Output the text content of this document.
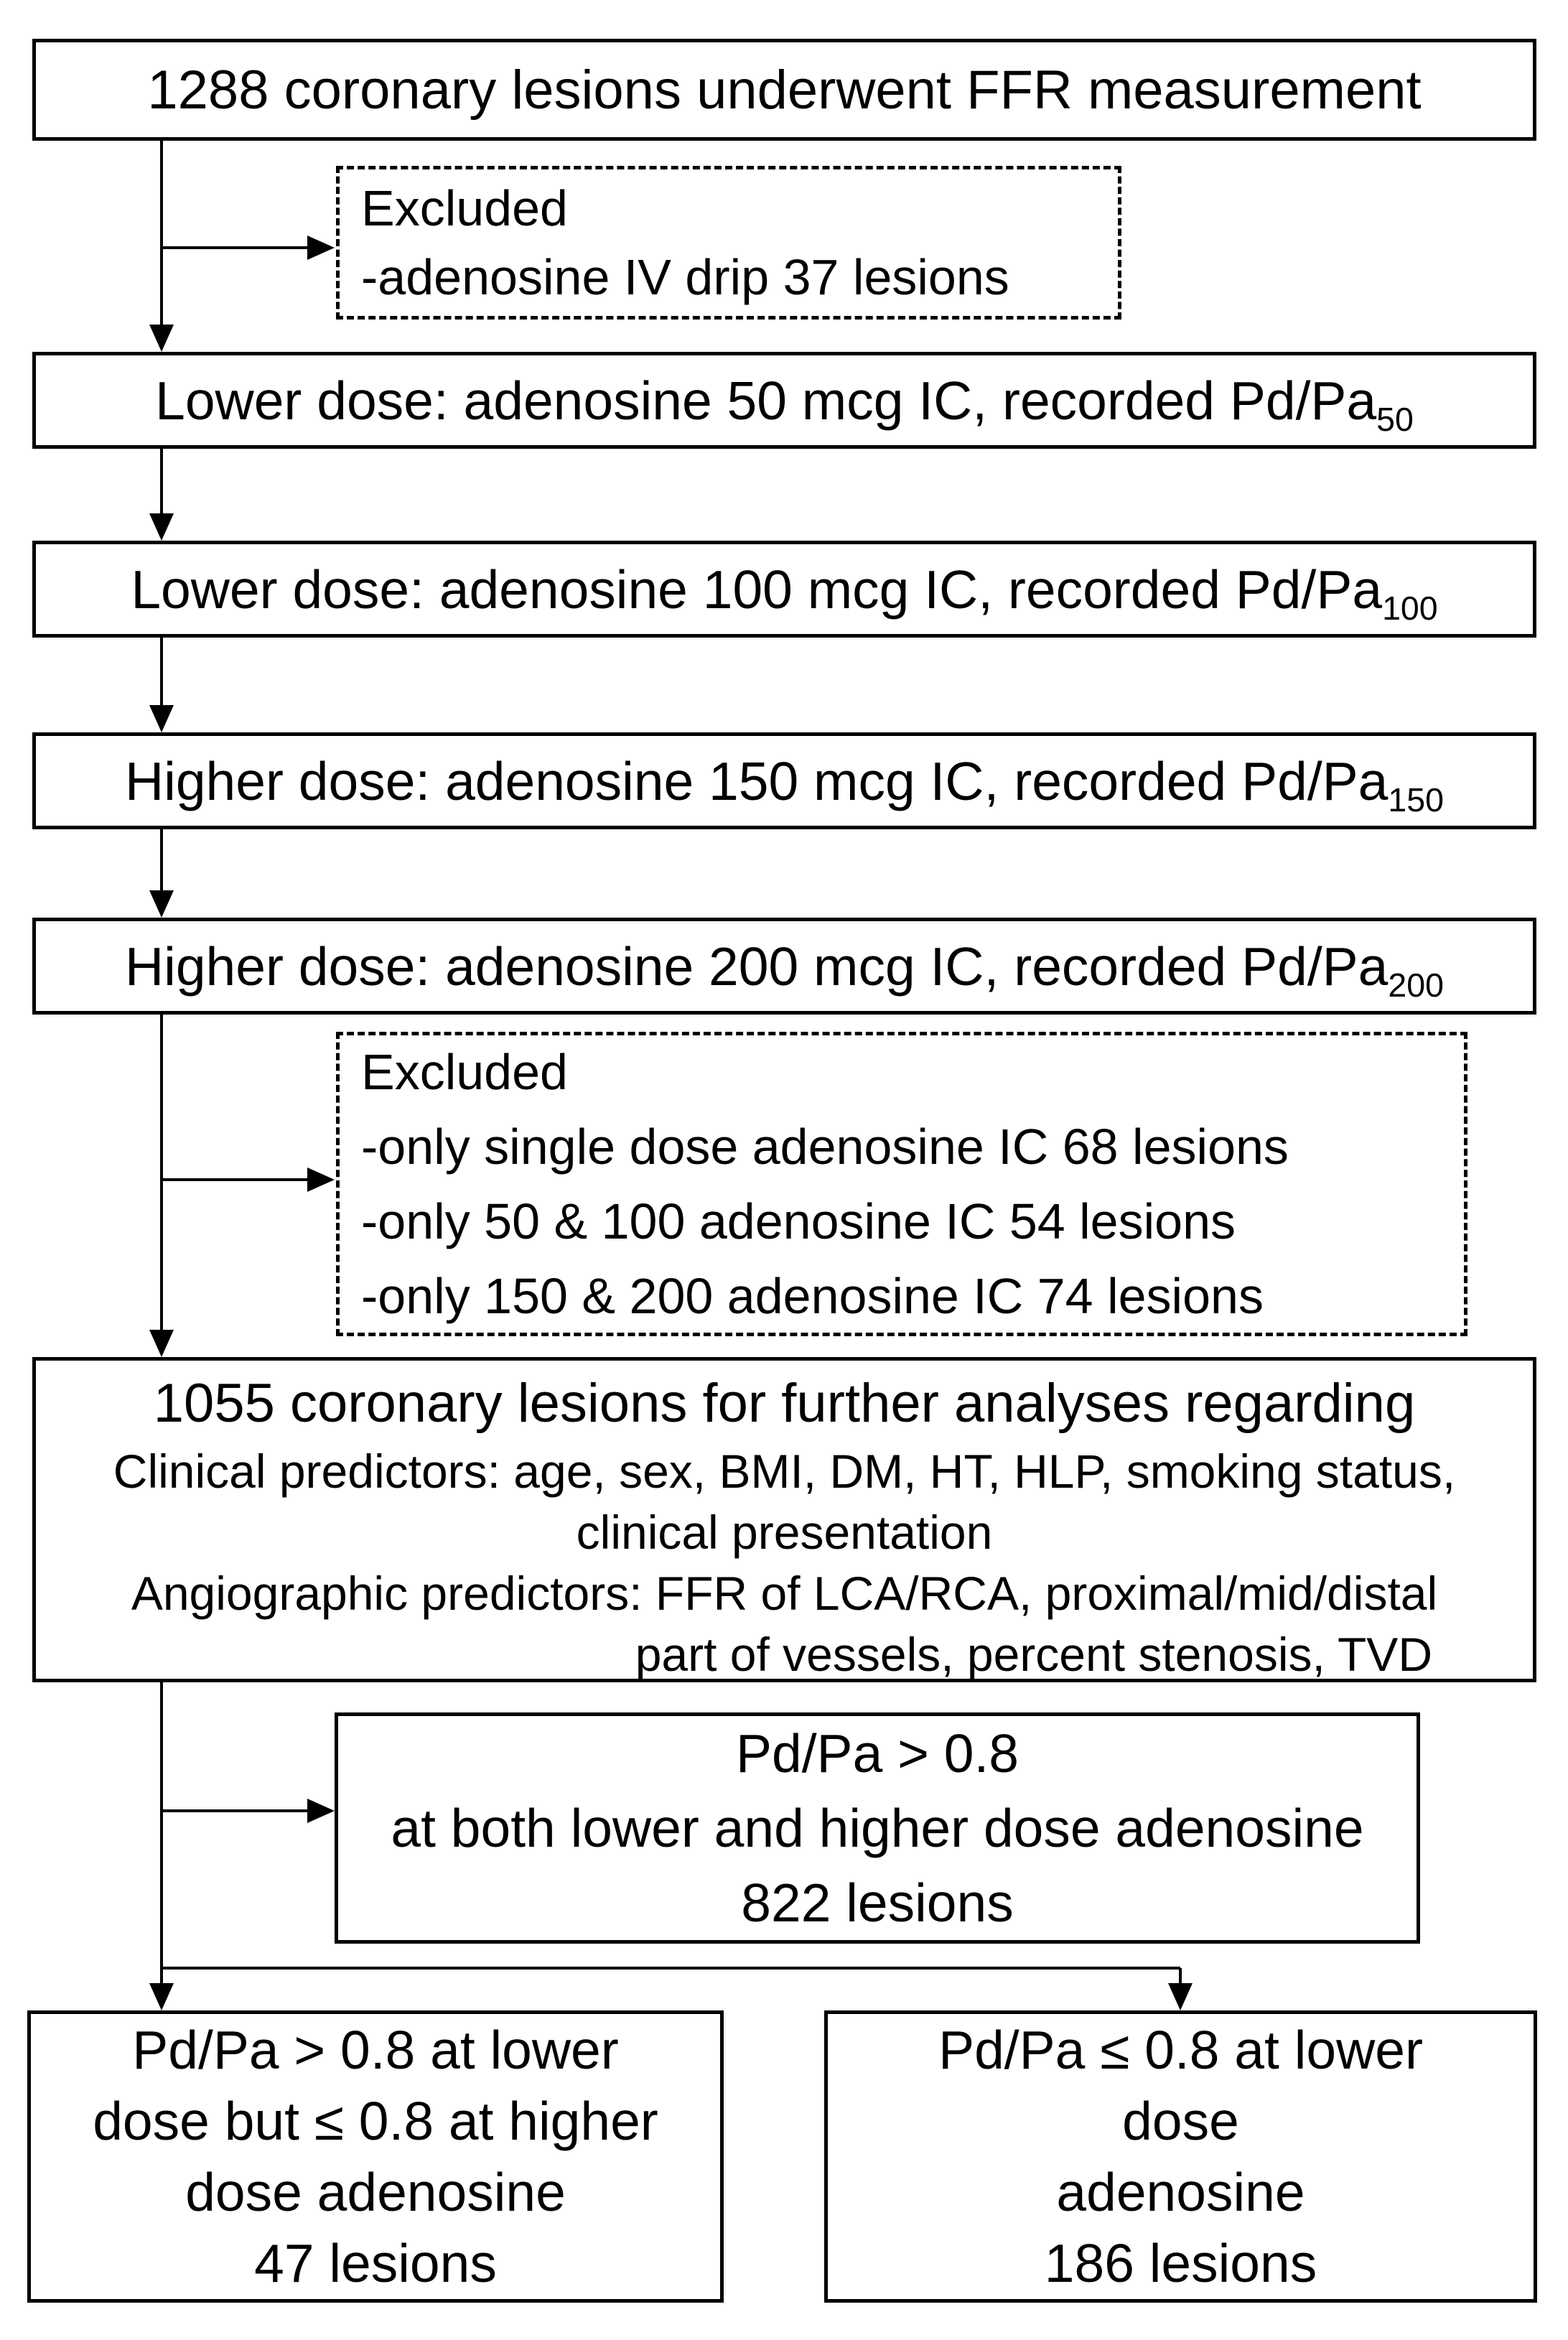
1288 coronary lesions underwent FFR measurement
Excluded
-adenosine IV drip 37 lesions
Lower dose: adenosine 50 mcg IC, recorded $Pd/Pa_{50}$
Lower dose: adenosine 100 mcg IC, recorded $Pd/Pa_{100}$
Higher dose: adenosine 150 mcg IC, recorded $Pd/Pa_{150}$
Higher dose: adenosine 200 mcg IC, recorded $Pd/Pa_{200}$
Excluded
-only single dose adenosine IC 68 lesions
-only 50 & 100 adenosine IC 54 lesions
-only 150 & 200 adenosine IC 74 lesions
1055 coronary lesions for further analyses regarding
Clinical predictors: age, sex, BMI, DM, HT, HLP, smoking status,
clinical presentation
Angiographic predictors: FFR of LCA/RCA, proximal/mid/distal
part of vessels, percent stenosis, TVD
Pd/Pa > 0.8
at both lower and higher dose adenosine
822 lesions
Pd/Pa > 0.8 at lower
dose but ≤ 0.8 at higher
dose adenosine
47 lesions
Pd/Pa ≤ 0.8 at lower
dose
adenosine
186 lesions
